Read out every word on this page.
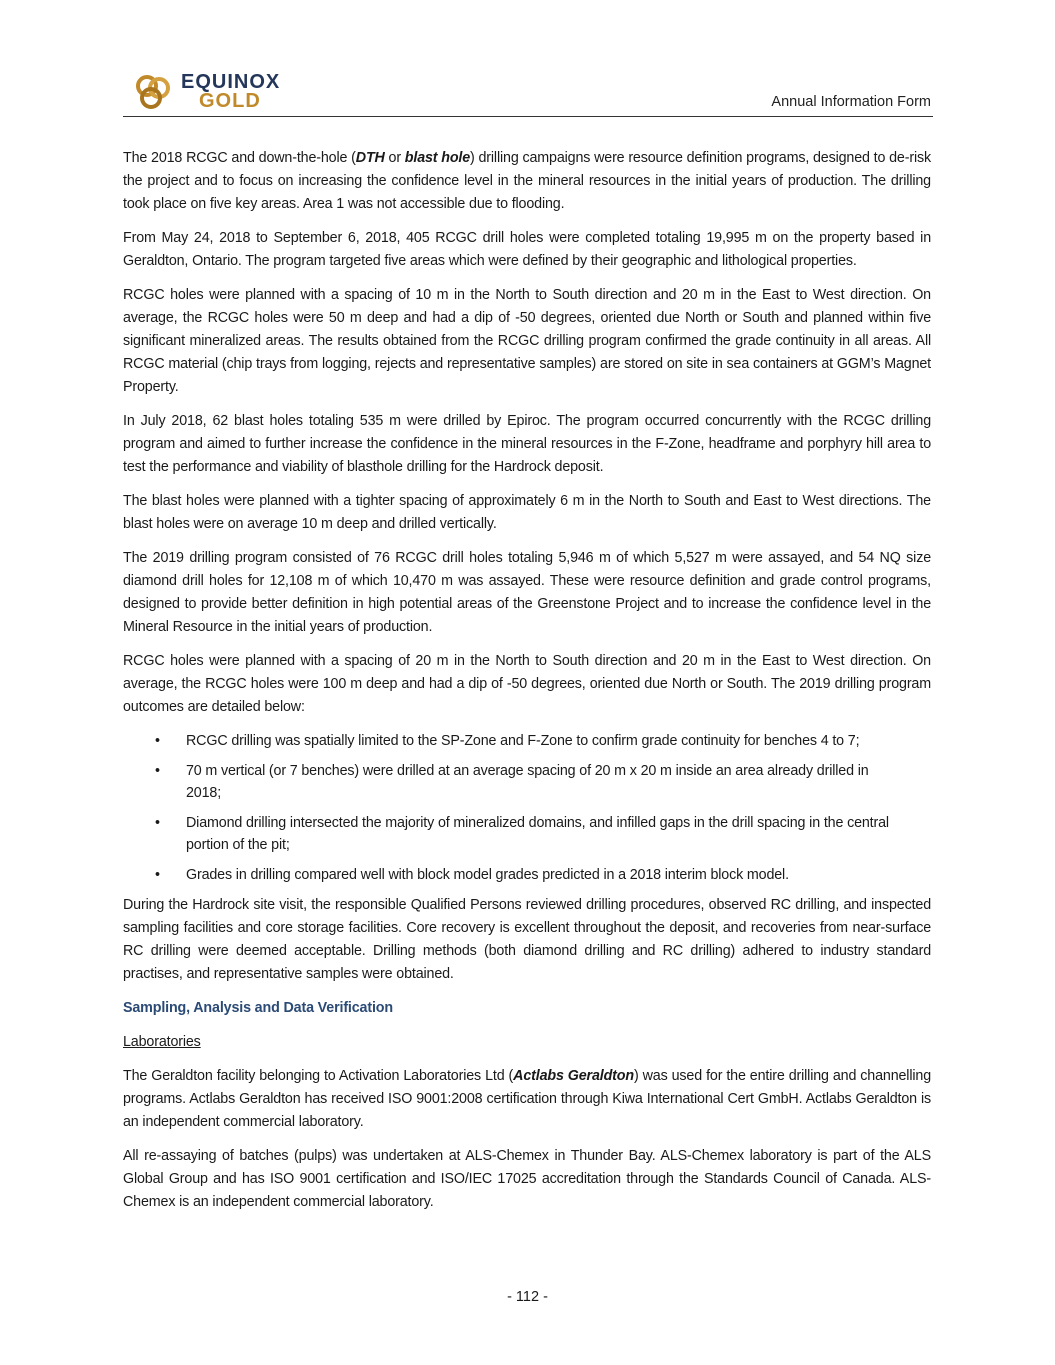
EQUINOX
GOLD	Annual Information Form

The 2018 RCGC and down-the-hole (DTH or blast hole) drilling campaigns were resource definition programs, designed to de-risk the project and to focus on increasing the confidence level in the mineral resources in the initial years of production. The drilling took place on five key areas. Area 1 was not accessible due to flooding.

From May 24, 2018 to September 6, 2018, 405 RCGC drill holes were completed totaling 19,995 m on the property based in Geraldton, Ontario. The program targeted five areas which were defined by their geographic and lithological properties.

RCGC holes were planned with a spacing of 10 m in the North to South direction and 20 m in the East to West direction. On average, the RCGC holes were 50 m deep and had a dip of -50 degrees, oriented due North or South and planned within five significant mineralized areas. The results obtained from the RCGC drilling program confirmed the grade continuity in all areas. All RCGC material (chip trays from logging, rejects and representative samples) are stored on site in sea containers at GGM’s Magnet Property.

In July 2018, 62 blast holes totaling 535 m were drilled by Epiroc. The program occurred concurrently with the RCGC drilling program and aimed to further increase the confidence in the mineral resources in the F-Zone, headframe and porphyry hill area to test the performance and viability of blasthole drilling for the Hardrock deposit.

The blast holes were planned with a tighter spacing of approximately 6 m in the North to South and East to West directions. The blast holes were on average 10 m deep and drilled vertically.

The 2019 drilling program consisted of 76 RCGC drill holes totaling 5,946 m of which 5,527 m were assayed, and 54 NQ size diamond drill holes for 12,108 m of which 10,470 m was assayed. These were resource definition and grade control programs, designed to provide better definition in high potential areas of the Greenstone Project and to increase the confidence level in the Mineral Resource in the initial years of production.

RCGC holes were planned with a spacing of 20 m in the North to South direction and 20 m in the East to West direction. On average, the RCGC holes were 100 m deep and had a dip of -50 degrees, oriented due North or South. The 2019 drilling program outcomes are detailed below:

• RCGC drilling was spatially limited to the SP-Zone and F-Zone to confirm grade continuity for benches 4 to 7;
• 70 m vertical (or 7 benches) were drilled at an average spacing of 20 m x 20 m inside an area already drilled in 2018;
• Diamond drilling intersected the majority of mineralized domains, and infilled gaps in the drill spacing in the central portion of the pit;
• Grades in drilling compared well with block model grades predicted in a 2018 interim block model.

During the Hardrock site visit, the responsible Qualified Persons reviewed drilling procedures, observed RC drilling, and inspected sampling facilities and core storage facilities. Core recovery is excellent throughout the deposit, and recoveries from near-surface RC drilling were deemed acceptable. Drilling methods (both diamond drilling and RC drilling) adhered to industry standard practises, and representative samples were obtained.

Sampling, Analysis and Data Verification

Laboratories

The Geraldton facility belonging to Activation Laboratories Ltd (Actlabs Geraldton) was used for the entire drilling and channelling programs. Actlabs Geraldton has received ISO 9001:2008 certification through Kiwa International Cert GmbH. Actlabs Geraldton is an independent commercial laboratory.

All re-assaying of batches (pulps) was undertaken at ALS-Chemex in Thunder Bay. ALS-Chemex laboratory is part of the ALS Global Group and has ISO 9001 certification and ISO/IEC 17025 accreditation through the Standards Council of Canada. ALS-Chemex is an independent commercial laboratory.

- 112 -
